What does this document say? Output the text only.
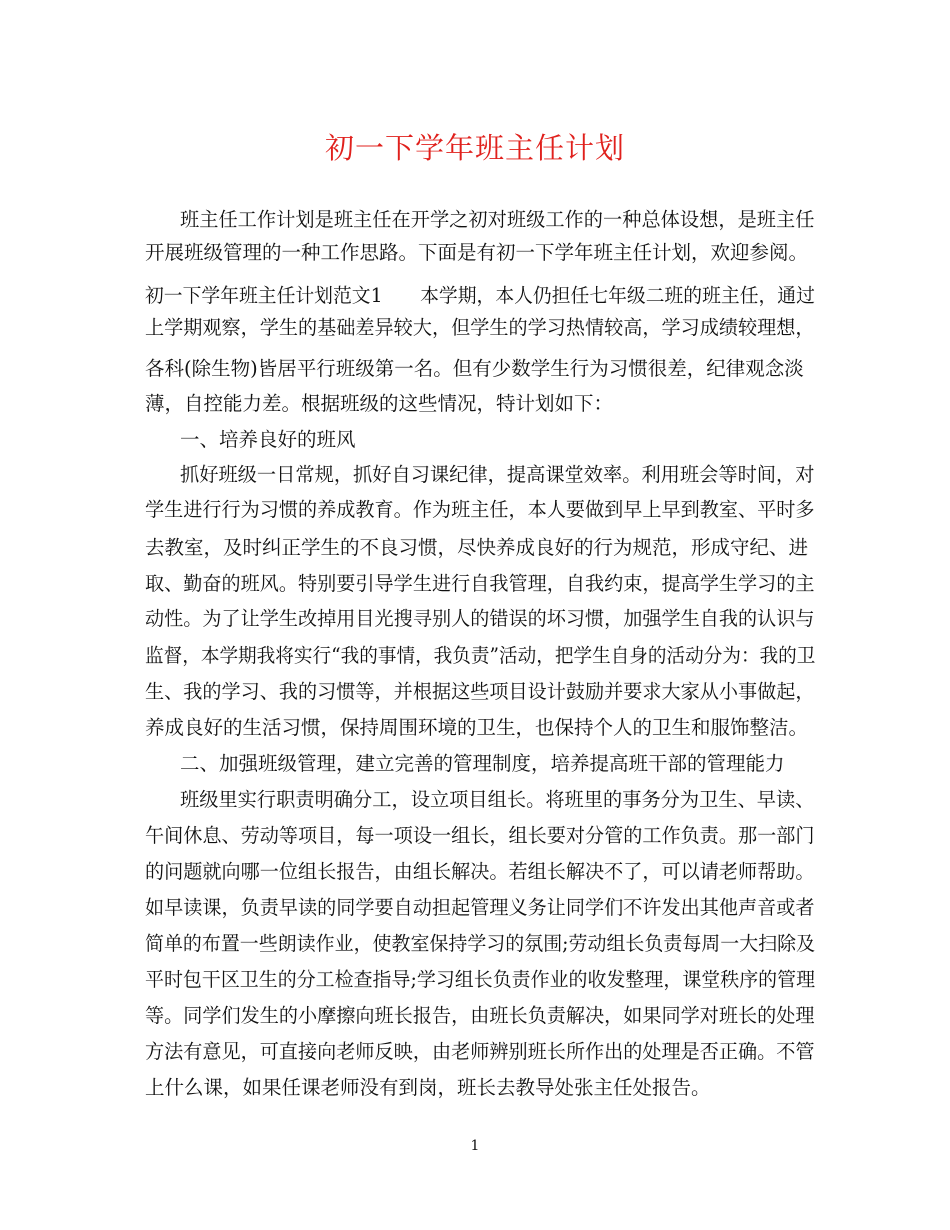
初一下学年班主任计划
班主任工作计划是班主任在开学之初对班级工作的一种总体设想，是班主任
开展班级管理的一种工作思路。下面是有初一下学年班主任计划，欢迎参阅。
初一下学年班主任计划范文1　　本学期，本人仍担任七年级二班的班主任，通过
上学期观察，学生的基础差异较大，但学生的学习热情较高，学习成绩较理想，
各科(除生物)皆居平行班级第一名。但有少数学生行为习惯很差，纪律观念淡
薄，自控能力差。根据班级的这些情况，特计划如下：
一、培养良好的班风
抓好班级一日常规，抓好自习课纪律，提高课堂效率。利用班会等时间，对
学生进行行为习惯的养成教育。作为班主任，本人要做到早上早到教室、平时多
去教室，及时纠正学生的不良习惯，尽快养成良好的行为规范，形成守纪、进
取、勤奋的班风。特别要引导学生进行自我管理，自我约束，提高学生学习的主
动性。为了让学生改掉用目光搜寻别人的错误的坏习惯，加强学生自我的认识与
监督，本学期我将实行“我的事情，我负责”活动，把学生自身的活动分为：我的卫
生、我的学习、我的习惯等，并根据这些项目设计鼓励并要求大家从小事做起，
养成良好的生活习惯，保持周围环境的卫生，也保持个人的卫生和服饰整洁。
二、加强班级管理，建立完善的管理制度，培养提高班干部的管理能力
班级里实行职责明确分工，设立项目组长。将班里的事务分为卫生、早读、
午间休息、劳动等项目，每一项设一组长，组长要对分管的工作负责。那一部门
的问题就向哪一位组长报告，由组长解决。若组长解决不了，可以请老师帮助。
如早读课，负责早读的同学要自动担起管理义务让同学们不许发出其他声音或者
简单的布置一些朗读作业，使教室保持学习的氛围;劳动组长负责每周一大扫除及
平时包干区卫生的分工检查指导;学习组长负责作业的收发整理，课堂秩序的管理
等。同学们发生的小摩擦向班长报告，由班长负责解决，如果同学对班长的处理
方法有意见，可直接向老师反映，由老师辨别班长所作出的处理是否正确。不管
上什么课，如果任课老师没有到岗，班长去教导处张主任处报告。
1
